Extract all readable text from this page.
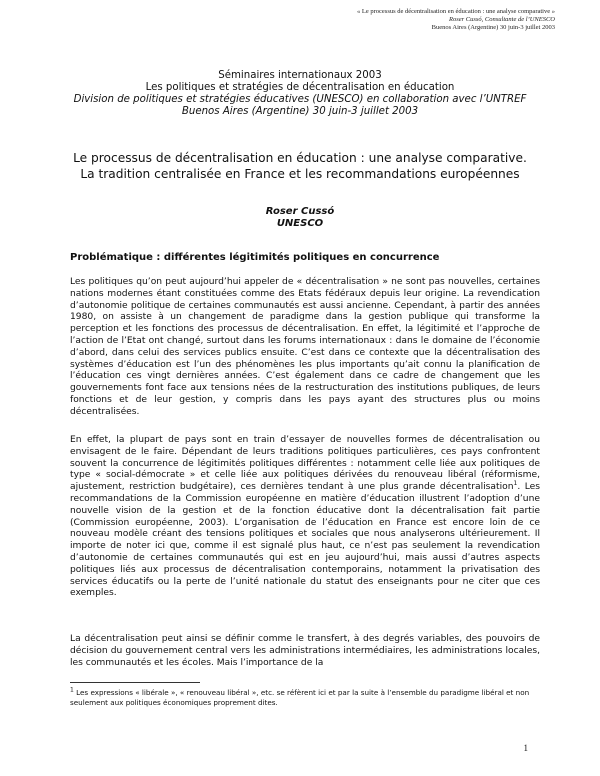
« Le processus de décentralisation en éducation : une analyse comparative »
Roser Cussó, Consultante de l’UNESCO
Buenos Aires (Argentine) 30 juin-3 juillet 2003
Séminaires internationaux 2003
Les politiques et stratégies de décentralisation en éducation
Division de politiques et stratégies éducatives (UNESCO) en collaboration avec l’UNTREF
Buenos Aires (Argentine) 30 juin-3 juillet 2003
Le processus de décentralisation en éducation : une analyse comparative.
La tradition centralisée en France et les recommandations européennes
Roser Cussó
UNESCO
Problématique : différentes légitimités politiques en concurrence

Les politiques qu’on peut aujourd’hui appeler de « décentralisation » ne sont pas nouvelles, certaines nations modernes étant constituées comme des Etats fédéraux depuis leur origine. La revendication d’autonomie politique de certaines communautés est aussi ancienne. Cependant, à partir des années 1980, on assiste à un changement de paradigme dans la gestion publique qui transforme la perception et les fonctions des processus de décentralisation. En effet, la légitimité et l’approche de l’action de l’Etat ont changé, surtout dans les forums internationaux : dans le domaine de l’économie d’abord, dans celui des services publics ensuite. C’est dans ce contexte que la décentralisation des systèmes d’éducation est l’un des phénomènes les plus importants qu’ait connu la planification de l’éducation ces vingt dernières années. C’est également dans ce cadre de changement que les gouvernements font face aux tensions nées de la restructuration des institutions publiques, de leurs fonctions et de leur gestion, y compris dans les pays ayant des structures plus ou moins décentralisées.

En effet, la plupart de pays sont en train d’essayer de nouvelles formes de décentralisation ou envisagent de le faire. Dépendant de leurs traditions politiques particulières, ces pays confrontent souvent la concurrence de légitimités politiques différentes : notamment celle liée aux politiques de type « social-démocrate » et celle liée aux politiques dérivées du renouveau libéral (réformisme, ajustement, restriction budgétaire), ces dernières tendant à une plus grande décentralisation$^1$. Les recommandations de la Commission européenne en matière d’éducation illustrent l’adoption d’une nouvelle vision de la gestion et de la fonction éducative dont la décentralisation fait partie (Commission européenne, 2003). L’organisation de l’éducation en France est encore loin de ce nouveau modèle créant des tensions politiques et sociales que nous analyserons ultérieurement. Il importe de noter ici que, comme il est signalé plus haut, ce n’est pas seulement la revendication d’autonomie de certaines communautés qui est en jeu aujourd’hui, mais aussi d’autres aspects politiques liés aux processus de décentralisation contemporains, notamment la privatisation des services éducatifs ou la perte de l’unité nationale du statut des enseignants pour ne citer que ces exemples.

La décentralisation peut ainsi se définir comme le transfert, à des degrés variables, des pouvoirs de décision du gouvernement central vers les administrations intermédiaires, les administrations locales, les communautés et les écoles. Mais l’importance de la

$^1$ Les expressions « libérale », « renouveau libéral », etc. se réfèrent ici et par la suite à l’ensemble du paradigme libéral et non seulement aux politiques économiques proprement dites.
1
